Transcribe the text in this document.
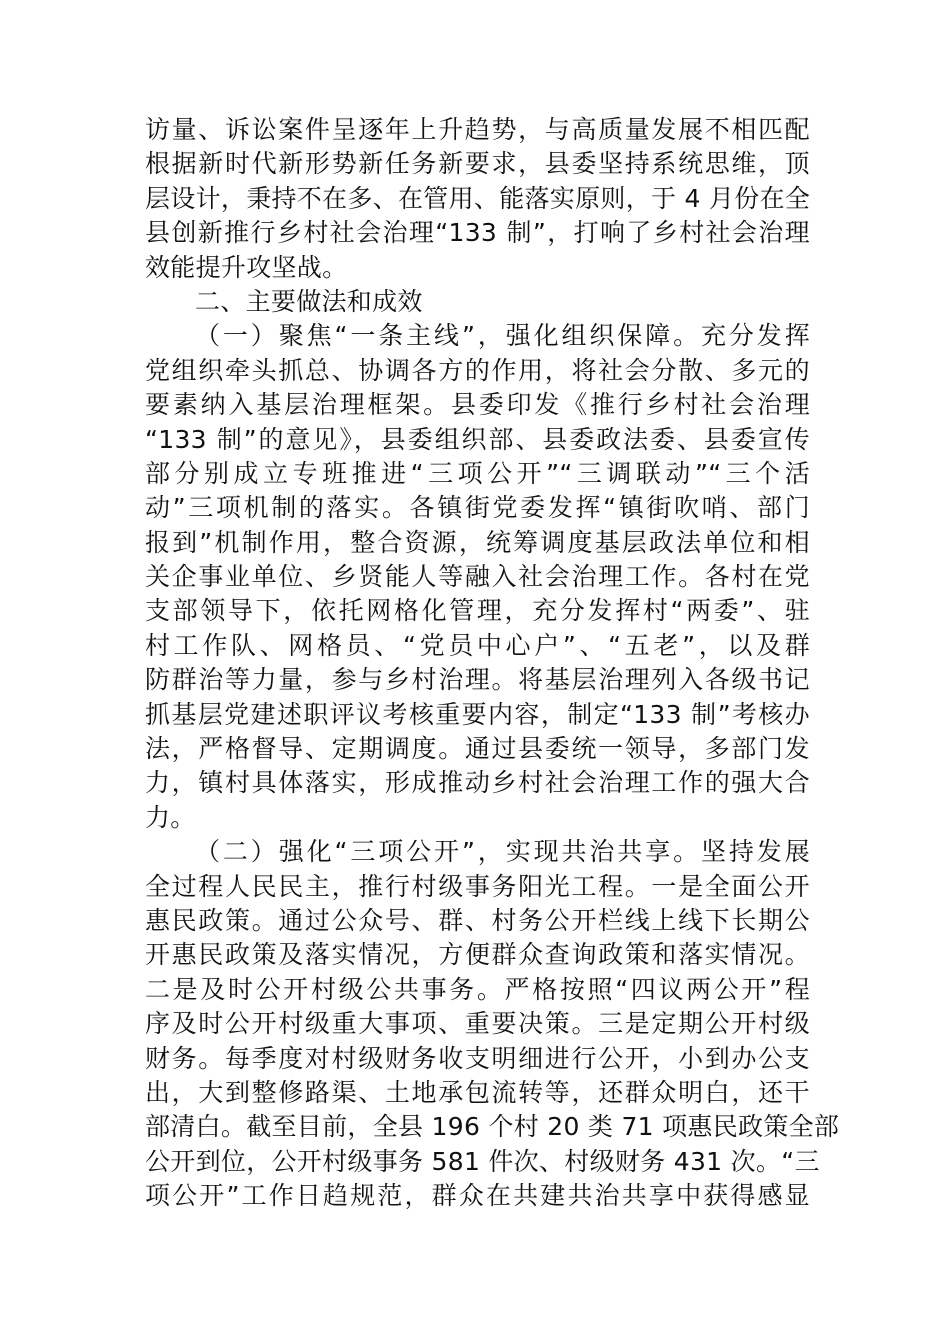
访量、诉讼案件呈逐年上升趋势，与高质量发展不相匹配
根据新时代新形势新任务新要求，县委坚持系统思维，顶
层设计，秉持不在多、在管用、能落实原则，于 4 月份在全
县创新推行乡村社会治理“133 制”，打响了乡村社会治理
效能提升攻坚战。
二、主要做法和成效
（一）聚焦“一条主线”，强化组织保障。充分发挥
党组织牵头抓总、协调各方的作用，将社会分散、多元的
要素纳入基层治理框架。县委印发《推行乡村社会治理
“133 制”的意见》，县委组织部、县委政法委、县委宣传
部分别成立专班推进“三项公开”“三调联动”“三个活
动”三项机制的落实。各镇街党委发挥“镇街吹哨、部门
报到”机制作用，整合资源，统筹调度基层政法单位和相
关企事业单位、乡贤能人等融入社会治理工作。各村在党
支部领导下，依托网格化管理，充分发挥村“两委”、驻
村工作队、网格员、“党员中心户”、“五老”，以及群
防群治等力量，参与乡村治理。将基层治理列入各级书记
抓基层党建述职评议考核重要内容，制定“133 制”考核办
法，严格督导、定期调度。通过县委统一领导，多部门发
力，镇村具体落实，形成推动乡村社会治理工作的强大合
力。
（二）强化“三项公开”，实现共治共享。坚持发展
全过程人民民主，推行村级事务阳光工程。一是全面公开
惠民政策。通过公众号、群、村务公开栏线上线下长期公
开惠民政策及落实情况，方便群众查询政策和落实情况。
二是及时公开村级公共事务。严格按照“四议两公开”程
序及时公开村级重大事项、重要决策。三是定期公开村级
财务。每季度对村级财务收支明细进行公开，小到办公支
出，大到整修路渠、土地承包流转等，还群众明白，还干
部清白。截至目前，全县 196 个村 20 类 71 项惠民政策全部
公开到位，公开村级事务 581 件次、村级财务 431 次。“三
项公开”工作日趋规范，群众在共建共治共享中获得感显
